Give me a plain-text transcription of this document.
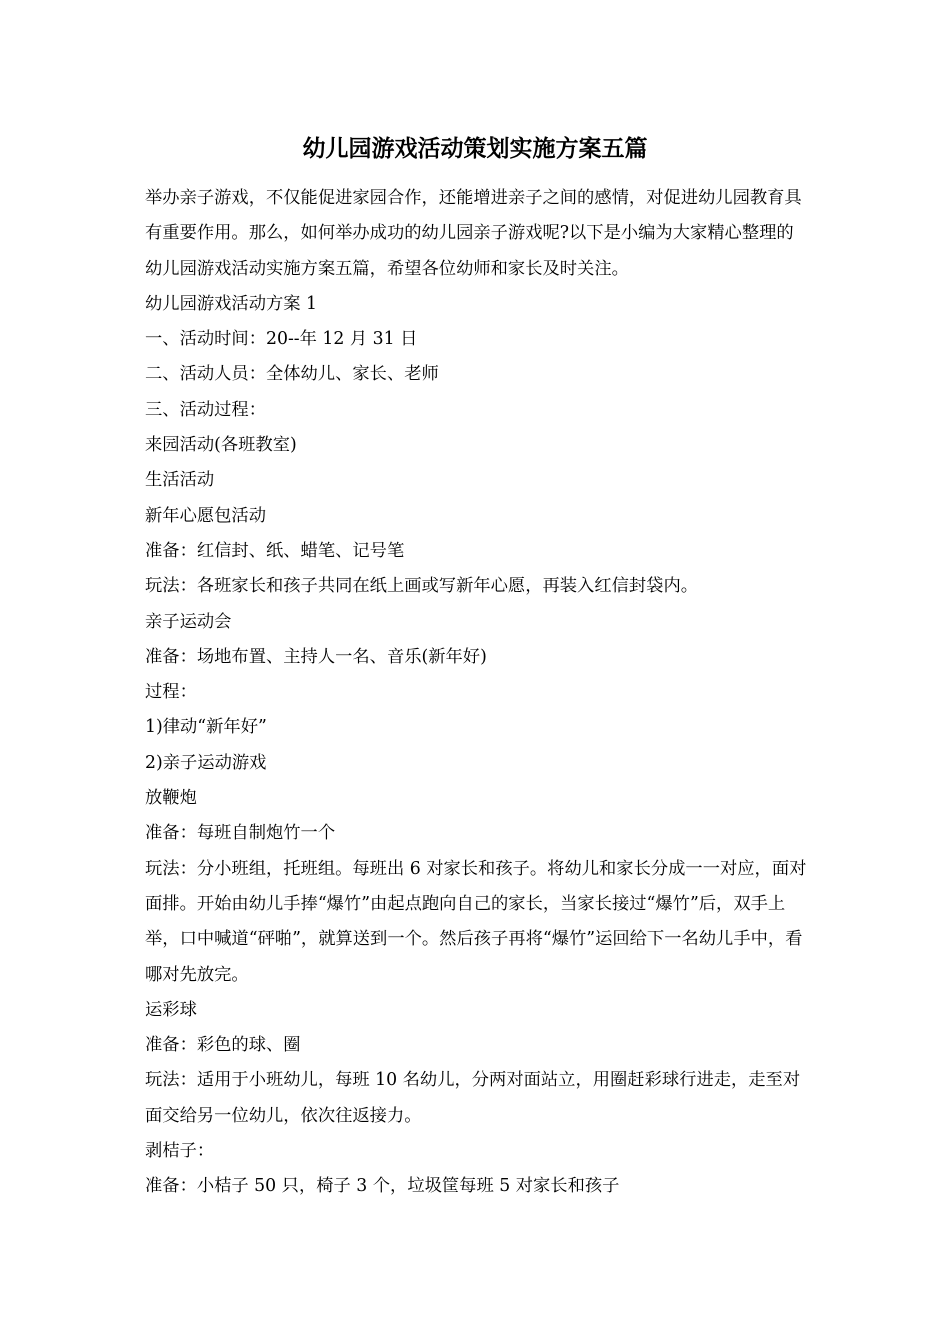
幼儿园游戏活动策划实施方案五篇

举办亲子游戏，不仅能促进家园合作，还能增进亲子之间的感情，对促进幼儿园教育具有重要作用。那么，如何举办成功的幼儿园亲子游戏呢?以下是小编为大家精心整理的幼儿园游戏活动实施方案五篇，希望各位幼师和家长及时关注。

幼儿园游戏活动方案 1

一、活动时间：20--年 12 月 31 日

二、活动人员：全体幼儿、家长、老师

三、活动过程：

来园活动(各班教室)

生活活动

新年心愿包活动

准备：红信封、纸、蜡笔、记号笔

玩法：各班家长和孩子共同在纸上画或写新年心愿，再装入红信封袋内。

亲子运动会

准备：场地布置、主持人一名、音乐(新年好)

过程：

1)律动“新年好”

2)亲子运动游戏

放鞭炮

准备：每班自制炮竹一个

玩法：分小班组，托班组。每班出 6 对家长和孩子。将幼儿和家长分成一一对应，面对面排。开始由幼儿手捧“爆竹”由起点跑向自己的家长，当家长接过“爆竹”后，双手上举，口中喊道“砰啪”，就算送到一个。然后孩子再将“爆竹”运回给下一名幼儿手中，看哪对先放完。

运彩球

准备：彩色的球、圈

玩法：适用于小班幼儿，每班 10 名幼儿，分两对面站立，用圈赶彩球行进走，走至对面交给另一位幼儿，依次往返接力。

剥桔子：

准备：小桔子 50 只，椅子 3 个，垃圾筐每班 5 对家长和孩子
